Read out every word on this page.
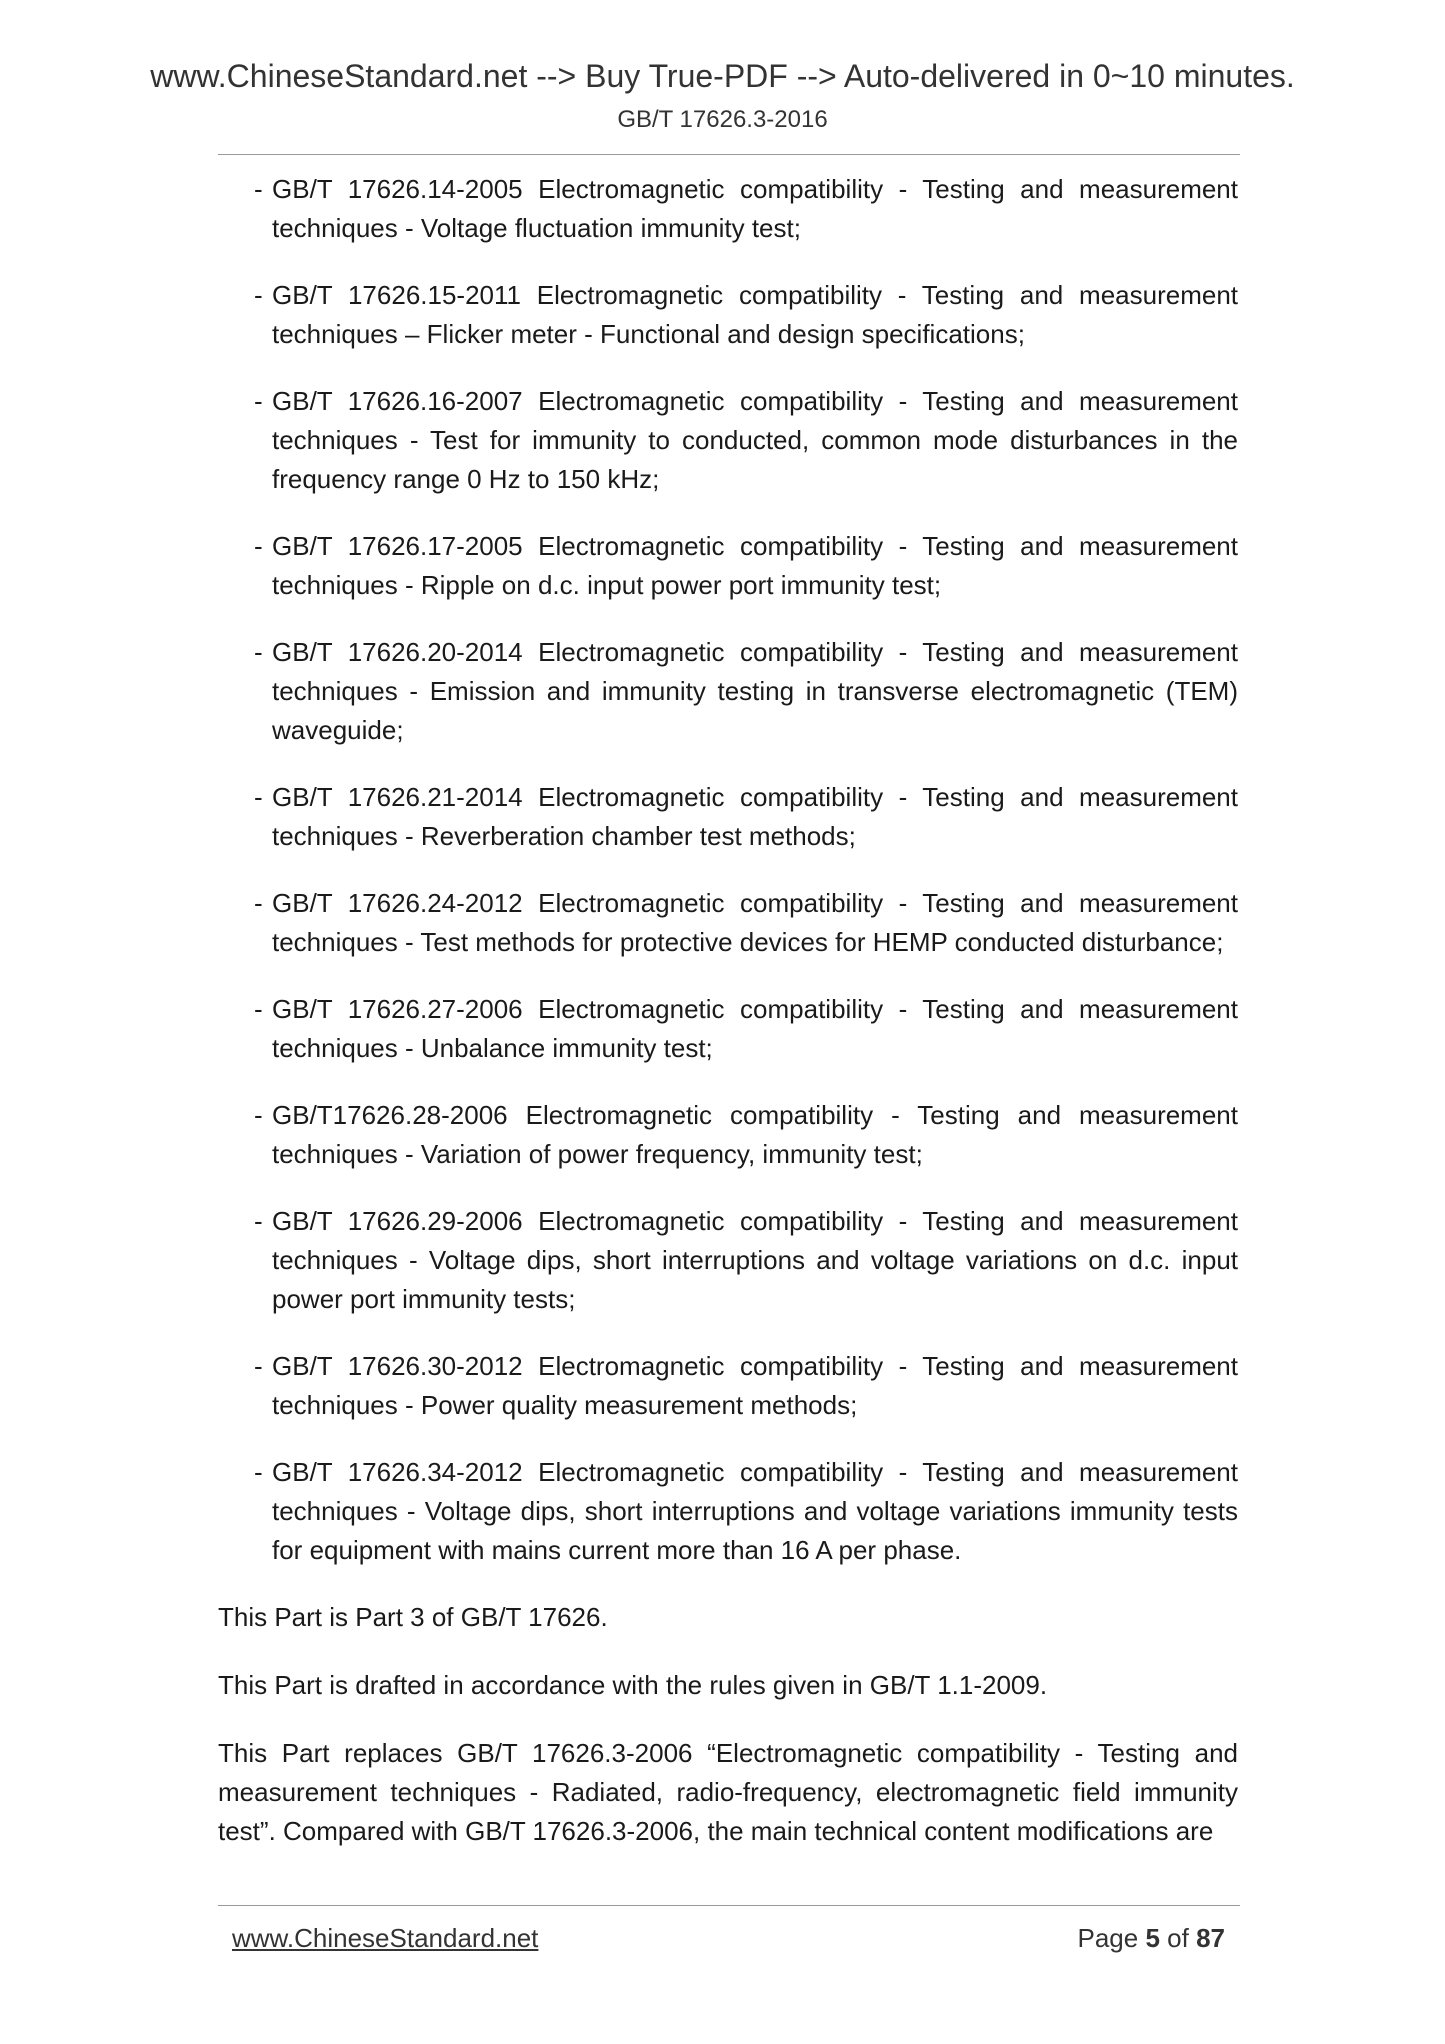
www.ChineseStandard.net --> Buy True-PDF --> Auto-delivered in 0~10 minutes.
GB/T 17626.3-2016
- GB/T 17626.14-2005 Electromagnetic compatibility - Testing and measurement techniques - Voltage fluctuation immunity test;
- GB/T 17626.15-2011 Electromagnetic compatibility - Testing and measurement techniques – Flicker meter - Functional and design specifications;
- GB/T 17626.16-2007 Electromagnetic compatibility - Testing and measurement techniques - Test for immunity to conducted, common mode disturbances in the frequency range 0 Hz to 150 kHz;
- GB/T 17626.17-2005 Electromagnetic compatibility - Testing and measurement techniques - Ripple on d.c. input power port immunity test;
- GB/T 17626.20-2014 Electromagnetic compatibility - Testing and measurement techniques - Emission and immunity testing in transverse electromagnetic (TEM) waveguide;
- GB/T 17626.21-2014 Electromagnetic compatibility - Testing and measurement techniques - Reverberation chamber test methods;
- GB/T 17626.24-2012 Electromagnetic compatibility - Testing and measurement techniques - Test methods for protective devices for HEMP conducted disturbance;
- GB/T 17626.27-2006 Electromagnetic compatibility - Testing and measurement techniques - Unbalance immunity test;
- GB/T17626.28-2006 Electromagnetic compatibility - Testing and measurement techniques - Variation of power frequency, immunity test;
- GB/T 17626.29-2006 Electromagnetic compatibility - Testing and measurement techniques - Voltage dips, short interruptions and voltage variations on d.c. input power port immunity tests;
- GB/T 17626.30-2012 Electromagnetic compatibility - Testing and measurement techniques - Power quality measurement methods;
- GB/T 17626.34-2012 Electromagnetic compatibility - Testing and measurement techniques - Voltage dips, short interruptions and voltage variations immunity tests for equipment with mains current more than 16 A per phase.

This Part is Part 3 of GB/T 17626.

This Part is drafted in accordance with the rules given in GB/T 1.1-2009.

This Part replaces GB/T 17626.3-2006 “Electromagnetic compatibility - Testing and measurement techniques - Radiated, radio-frequency, electromagnetic field immunity test”. Compared with GB/T 17626.3-2006, the main technical content modifications are

www.ChineseStandard.net	Page 5 of 87
